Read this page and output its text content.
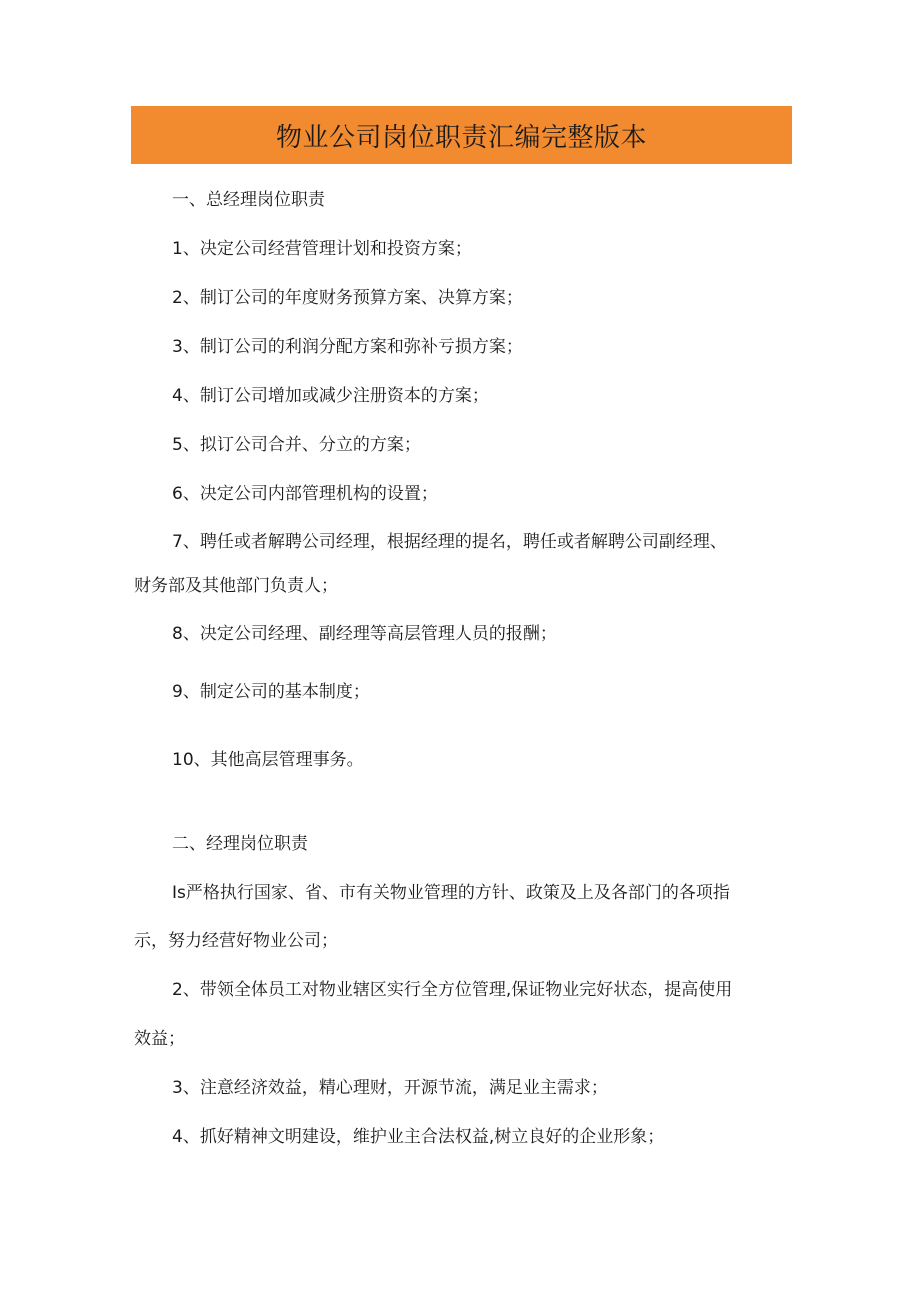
物业公司岗位职责汇编完整版本
一、总经理岗位职责
1、决定公司经营管理计划和投资方案；
2、制订公司的年度财务预算方案、决算方案；
3、制订公司的利润分配方案和弥补亏损方案；
4、制订公司增加或减少注册资本的方案；
5、拟订公司合并、分立的方案；
6、决定公司内部管理机构的设置；
7、聘任或者解聘公司经理，根据经理的提名，聘任或者解聘公司副经理、
财务部及其他部门负责人；
8、决定公司经理、副经理等高层管理人员的报酬；
9、制定公司的基本制度；
10、其他高层管理事务。
二、经理岗位职责
Is严格执行国家、省、市有关物业管理的方针、政策及上及各部门的各项指
示，努力经营好物业公司；
2、带领全体员工对物业辖区实行全方位管理,保证物业完好状态，提高使用
效益；
3、注意经济效益，精心理财，开源节流，满足业主需求；
4、抓好精神文明建设，维护业主合法权益,树立良好的企业形象；
